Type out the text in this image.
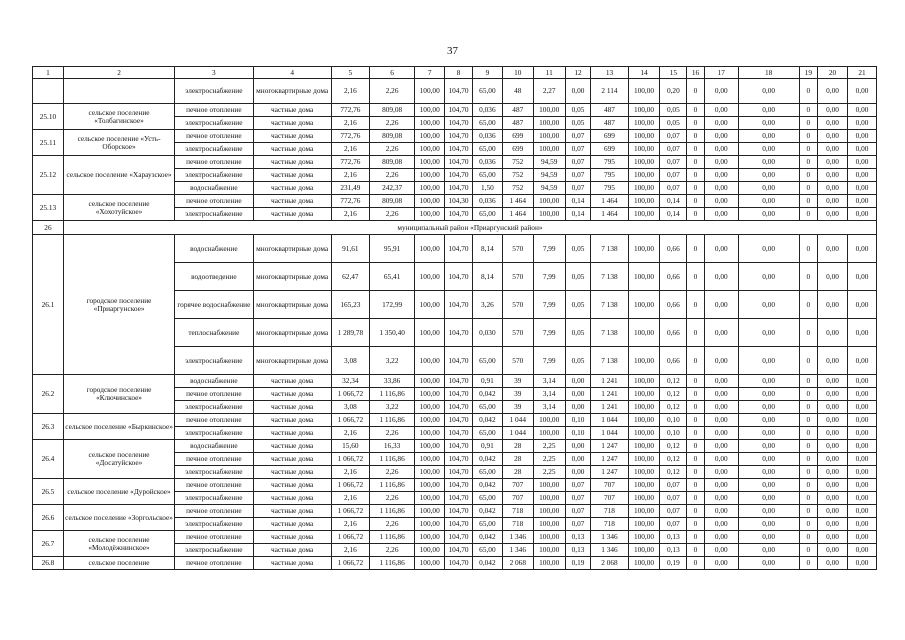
37
1	2	3	4	5	6	7	8	9	10	11	12	13	14	15	16	17	18	19	20	21
		электроснабжение	многоквартирные дома	2,16	2,26	100,00	104,70	65,00	48	2,27	0,00	2 114	100,00	0,20	0	0,00	0,00	0	0,00	0,00
25.10	сельское поселение «Толбагинское»	печное отопление	частные дома	772,76	809,08	100,00	104,70	0,036	487	100,00	0,05	487	100,00	0,05	0	0,00	0,00	0	0,00	0,00
		электроснабжение	частные дома	2,16	2,26	100,00	104,70	65,00	487	100,00	0,05	487	100,00	0,05	0	0,00	0,00	0	0,00	0,00
25.11	сельское поселение «Усть-Оборское»	печное отопление	частные дома	772,76	809,08	100,00	104,70	0,036	699	100,00	0,07	699	100,00	0,07	0	0,00	0,00	0	0,00	0,00
		электроснабжение	частные дома	2,16	2,26	100,00	104,70	65,00	699	100,00	0,07	699	100,00	0,07	0	0,00	0,00	0	0,00	0,00
25.12	сельское поселение «Хараузское»	печное отопление	частные дома	772,76	809,08	100,00	104,70	0,036	752	94,59	0,07	795	100,00	0,07	0	0,00	0,00	0	0,00	0,00
		электроснабжение	частные дома	2,16	2,26	100,00	104,70	65,00	752	94,59	0,07	795	100,00	0,07	0	0,00	0,00	0	0,00	0,00
		водоснабжение	частные дома	231,49	242,37	100,00	104,70	1,50	752	94,59	0,07	795	100,00	0,07	0	0,00	0,00	0	0,00	0,00
25.13	сельское поселение «Хохотуйское»	печное отопление	частные дома	772,76	809,08	100,00	104,30	0,036	1 464	100,00	0,14	1 464	100,00	0,14	0	0,00	0,00	0	0,00	0,00
		электроснабжение	частные дома	2,16	2,26	100,00	104,70	65,00	1 464	100,00	0,14	1 464	100,00	0,14	0	0,00	0,00	0	0,00	0,00
26	муниципальный район «Приаргунский район»																			
26.1	городское поселение «Приаргунское»	водоснабжение	многоквартирные дома	91,61	95,91	100,00	104,70	8,14	570	7,99	0,05	7 138	100,00	0,66	0	0,00	0,00	0	0,00	0,00
		водоотведение	многоквартирные дома	62,47	65,41	100,00	104,70	8,14	570	7,99	0,05	7 138	100,00	0,66	0	0,00	0,00	0	0,00	0,00
		горячее водоснабжение	многоквартирные дома	165,23	172,99	100,00	104,70	3,26	570	7,99	0,05	7 138	100,00	0,66	0	0,00	0,00	0	0,00	0,00
		теплоснабжение	многоквартирные дома	1 289,78	1 350,40	100,00	104,70	0,030	570	7,99	0,05	7 138	100,00	0,66	0	0,00	0,00	0	0,00	0,00
		электроснабжение	многоквартирные дома	3,08	3,22	100,00	104,70	65,00	570	7,99	0,05	7 138	100,00	0,66	0	0,00	0,00	0	0,00	0,00
26.2	городское поселение «Ключинское»	водоснабжение	частные дома	32,34	33,86	100,00	104,70	0,91	39	3,14	0,00	1 241	100,00	0,12	0	0,00	0,00	0	0,00	0,00
		печное отопление	частные дома	1 066,72	1 116,86	100,00	104,70	0,042	39	3,14	0,00	1 241	100,00	0,12	0	0,00	0,00	0	0,00	0,00
		электроснабжение	частные дома	3,08	3,22	100,00	104,70	65,00	39	3,14	0,00	1 241	100,00	0,12	0	0,00	0,00	0	0,00	0,00
26.3	сельское поселение «Быркинское»	печное отопление	частные дома	1 066,72	1 116,86	100,00	104,70	0,042	1 044	100,00	0,10	1 044	100,00	0,10	0	0,00	0,00	0	0,00	0,00
		электроснабжение	частные дома	2,16	2,26	100,00	104,70	65,00	1 044	100,00	0,10	1 044	100,00	0,10	0	0,00	0,00	0	0,00	0,00
26.4	сельское поселение «Досатуйское»	водоснабжение	частные дома	15,60	16,33	100,00	104,70	0,91	28	2,25	0,00	1 247	100,00	0,12	0	0,00	0,00	0	0,00	0,00
		печное отопление	частные дома	1 066,72	1 116,86	100,00	104,70	0,042	28	2,25	0,00	1 247	100,00	0,12	0	0,00	0,00	0	0,00	0,00
		электроснабжение	частные дома	2,16	2,26	100,00	104,70	65,00	28	2,25	0,00	1 247	100,00	0,12	0	0,00	0,00	0	0,00	0,00
26.5	сельское поселение «Дуройское»	печное отопление	частные дома	1 066,72	1 116,86	100,00	104,70	0,042	707	100,00	0,07	707	100,00	0,07	0	0,00	0,00	0	0,00	0,00
		электроснабжение	частные дома	2,16	2,26	100,00	104,70	65,00	707	100,00	0,07	707	100,00	0,07	0	0,00	0,00	0	0,00	0,00
26.6	сельское поселение «Зоргольское»	печное отопление	частные дома	1 066,72	1 116,86	100,00	104,70	0,042	718	100,00	0,07	718	100,00	0,07	0	0,00	0,00	0	0,00	0,00
		электроснабжение	частные дома	2,16	2,26	100,00	104,70	65,00	718	100,00	0,07	718	100,00	0,07	0	0,00	0,00	0	0,00	0,00
26.7	сельское поселение «Молодёжнинское»	печное отопление	частные дома	1 066,72	1 116,86	100,00	104,70	0,042	1 346	100,00	0,13	1 346	100,00	0,13	0	0,00	0,00	0	0,00	0,00
		электроснабжение	частные дома	2,16	2,26	100,00	104,70	65,00	1 346	100,00	0,13	1 346	100,00	0,13	0	0,00	0,00	0	0,00	0,00
26.8	сельское поселение	печное отопление	частные дома	1 066,72	1 116,86	100,00	104,70	0,042	2 068	100,00	0,19	2 068	100,00	0,19	0	0,00	0,00	0	0,00	0,00
